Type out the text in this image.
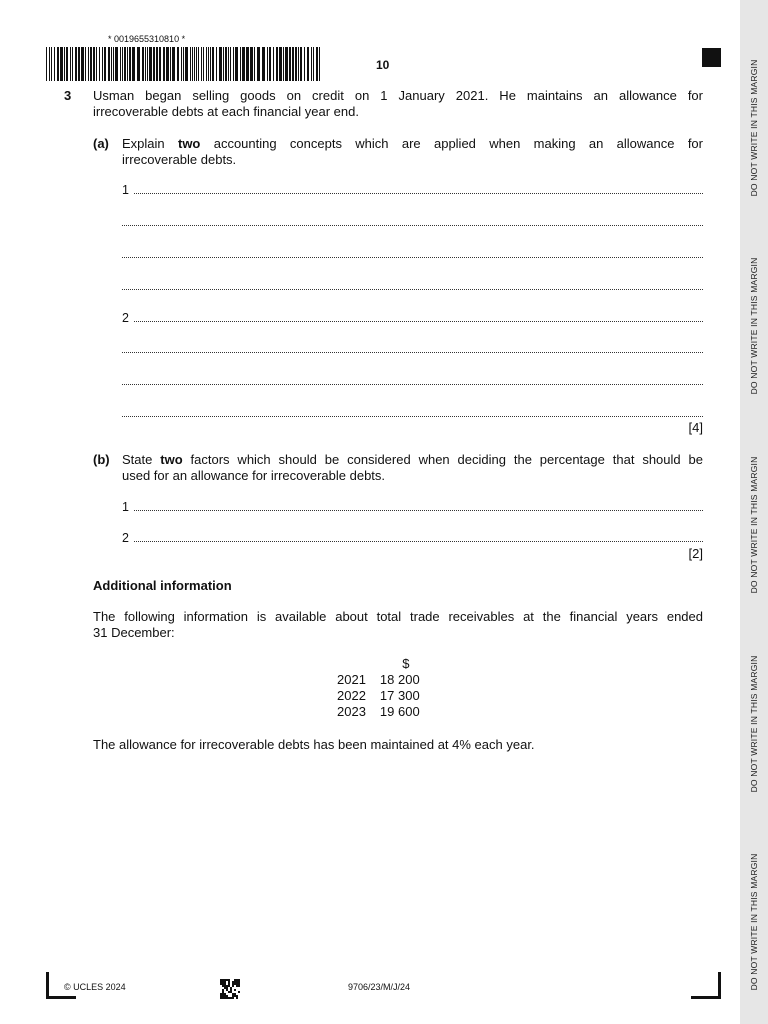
DO NOT WRITE IN THIS MARGIN
DO NOT WRITE IN THIS MARGIN
DO NOT WRITE IN THIS MARGIN
DO NOT WRITE IN THIS MARGIN
DO NOT WRITE IN THIS MARGIN
* 0019655310810 *
10
3 Usman began selling goods on credit on 1 January 2021. He maintains an allowance for
irrecoverable debts at each financial year end.
(a) Explain two accounting concepts which are applied when making an allowance for
irrecoverable debts.
1
2
[4]
(b) State two factors which should be considered when deciding the percentage that should be
used for an allowance for irrecoverable debts.
1
2
[2]
Additional information
The following information is available about total trade receivables at the financial years ended
31 December:
	$
2021	18 200
2022	17 300
2023	19 600
The allowance for irrecoverable debts has been maintained at 4% each year.
© UCLES 2024	9706/23/M/J/24
